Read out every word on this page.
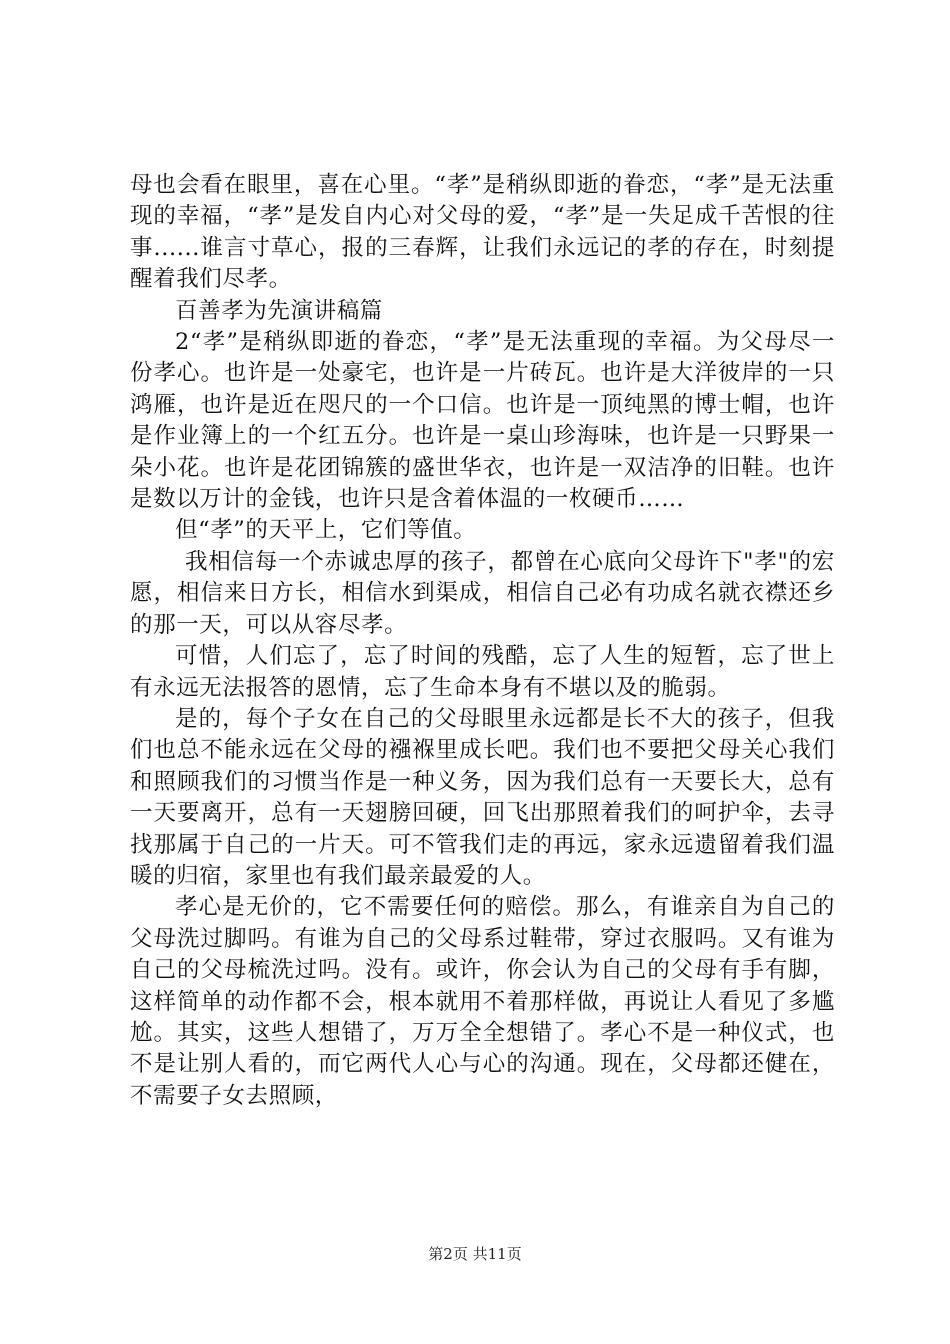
母也会看在眼里，喜在心里。“孝”是稍纵即逝的眷恋，“孝”是无法重现的幸福，“孝”是发自内心对父母的爱，“孝”是一失足成千苦恨的往事......谁言寸草心，报的三春辉，让我们永远记的孝的存在，时刻提醒着我们尽孝。

百善孝为先演讲稿篇

2“孝”是稍纵即逝的眷恋，“孝”是无法重现的幸福。为父母尽一份孝心。也许是一处豪宅，也许是一片砖瓦。也许是大洋彼岸的一只鸿雁，也许是近在咫尺的一个口信。也许是一顶纯黑的博士帽，也许是作业簿上的一个红五分。也许是一桌山珍海味，也许是一只野果一朵小花。也许是花团锦簇的盛世华衣，也许是一双洁净的旧鞋。也许是数以万计的金钱，也许只是含着体温的一枚硬币……

但“孝”的天平上，它们等值。

我相信每一个赤诚忠厚的孩子，都曾在心底向父母许下"孝"的宏愿，相信来日方长，相信水到渠成，相信自己必有功成名就衣襟还乡的那一天，可以从容尽孝。

可惜，人们忘了，忘了时间的残酷，忘了人生的短暂，忘了世上有永远无法报答的恩情，忘了生命本身有不堪以及的脆弱。

是的，每个子女在自己的父母眼里永远都是长不大的孩子，但我们也总不能永远在父母的襁褓里成长吧。我们也不要把父母关心我们和照顾我们的习惯当作是一种义务，因为我们总有一天要长大，总有一天要离开，总有一天翅膀回硬，回飞出那照着我们的呵护伞，去寻找那属于自己的一片天。可不管我们走的再远，家永远遗留着我们温暖的归宿，家里也有我们最亲最爱的人。

孝心是无价的，它不需要任何的赔偿。那么，有谁亲自为自己的父母洗过脚吗。有谁为自己的父母系过鞋带，穿过衣服吗。又有谁为自己的父母梳洗过吗。没有。或许，你会认为自己的父母有手有脚，这样简单的动作都不会，根本就用不着那样做，再说让人看见了多尴尬。其实，这些人想错了，万万全全想错了。孝心不是一种仪式，也不是让别人看的，而它两代人心与心的沟通。现在，父母都还健在，不需要子女去照顾，

第2页 共11页
